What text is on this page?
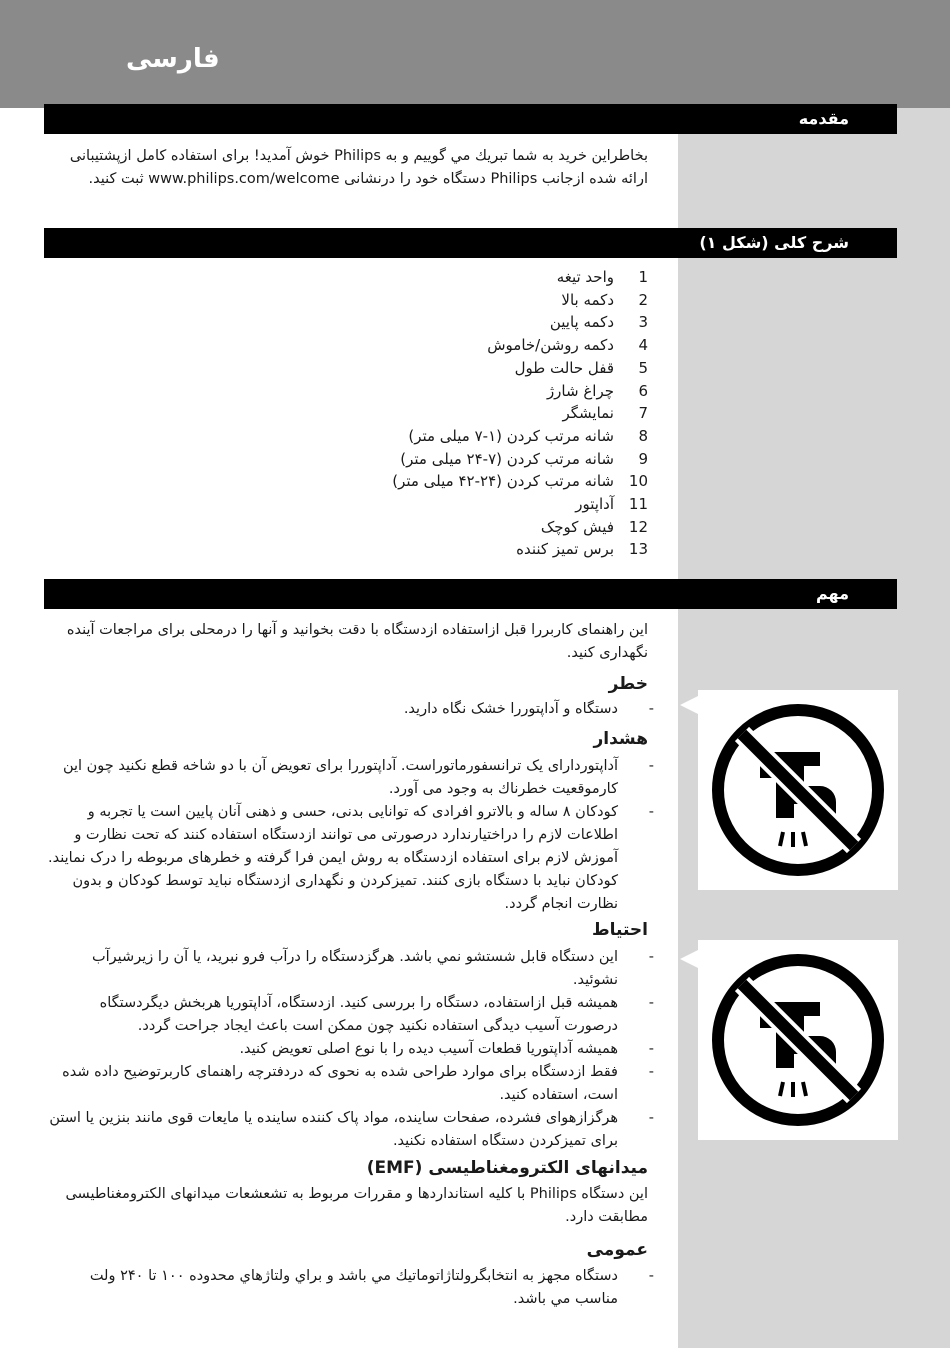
فارسی
مقدمه
بخاطراین خرید به شما تبریك مي گوييم و به Philips خوش آمدید! برای استفاده كامل ازپشتیبانی ارائه شده ازجانب Philips دستگاه خود را درنشانی www.philips.com/welcome ثبت کنید.
شرح کلی (شکل ۱)
1
واحد تیغه
2
دکمه بالا
3
دکمه پایین
4
دکمه روشن/خاموش
5
قفل حالت طول
6
چراغ شارژ
7
نمایشگر
8
شانه مرتب کردن (۱-۷ میلی متر)
9
شانه مرتب کردن (۷-۲۴ میلی متر)
10
شانه مرتب کردن (۲۴-۴۲ میلی متر)
11
آداپتور
12
فیش کوچک
13
برس تمیز کننده
مهم
این راهنمای کاربررا قبل ازاستفاده ازدستگاه با دقت بخوانید و آنها را درمحلی برای مراجعات آینده نگهداری کنید.
خطر
-
دستگاه و آداپتوررا خشک نگاه دارید.
هشدار
-
آداپتوردارای یک ترانسفورماتوراست. آداپتوررا برای تعویض آن با دو شاخه قطع نکنید چون این کارموقعیت خطرناك به وجود می آورد.
-
کودکان ۸ ساله و بالاترو افرادی که توانایی بدنی، حسی و ذهنی آنان پایین است یا تجربه و اطلاعات لازم را دراختیارندارد درصورتی می توانند ازدستگاه استفاده کنند که تحت نظارت و آموزش لازم برای استفاده ازدستگاه به روش ایمن فرا گرفته و خطرهای مربوطه را درک نمایند. کودکان نباید با دستگاه بازی کنند. تمیزکردن و نگهداری ازدستگاه نباید توسط کودکان و بدون نظارت انجام گردد.
احتیاط
-
این دستگاه قابل شستشو نمي باشد. هرگزدستگاه را درآب فرو نبرید، یا آن را زیرشیرآب نشوئید.
-
همیشه قبل ازاستفاده، دستگاه را بررسی کنید. ازدستگاه، آداپتوریا هربخش دیگردستگاه درصورت آسیب دیدگی استفاده نکنید چون ممکن است باعث ایجاد جراحت گردد.
-
همیشه آداپتوریا قطعات آسیب دیده را با نوع اصلی تعویض کنید.
-
فقط ازدستگاه برای موارد طراحی شده به نحوی که دردفترچه راهنمای کاربرتوضیح داده شده است، استفاده کنید.
-
هرگزازهوای فشرده، صفحات ساینده، مواد پاک کننده ساینده یا مایعات قوی مانند بنزین یا استن برای تمیزکردن دستگاه استفاده نکنید.
میدانهای الکترومغناطیسی (EMF)
این دستگاه Philips با کلیه استانداردها و مقررات مربوط به تشعشعات میدانهای الکترومغناطیسی مطابقت دارد.
عمومی
-
دستگاه مجهز به انتخابگرولتاژاتوماتیك مي باشد و براي ولتاژهاي محدوده ۱۰۰ تا ۲۴۰ ولت مناسب مي باشد.
